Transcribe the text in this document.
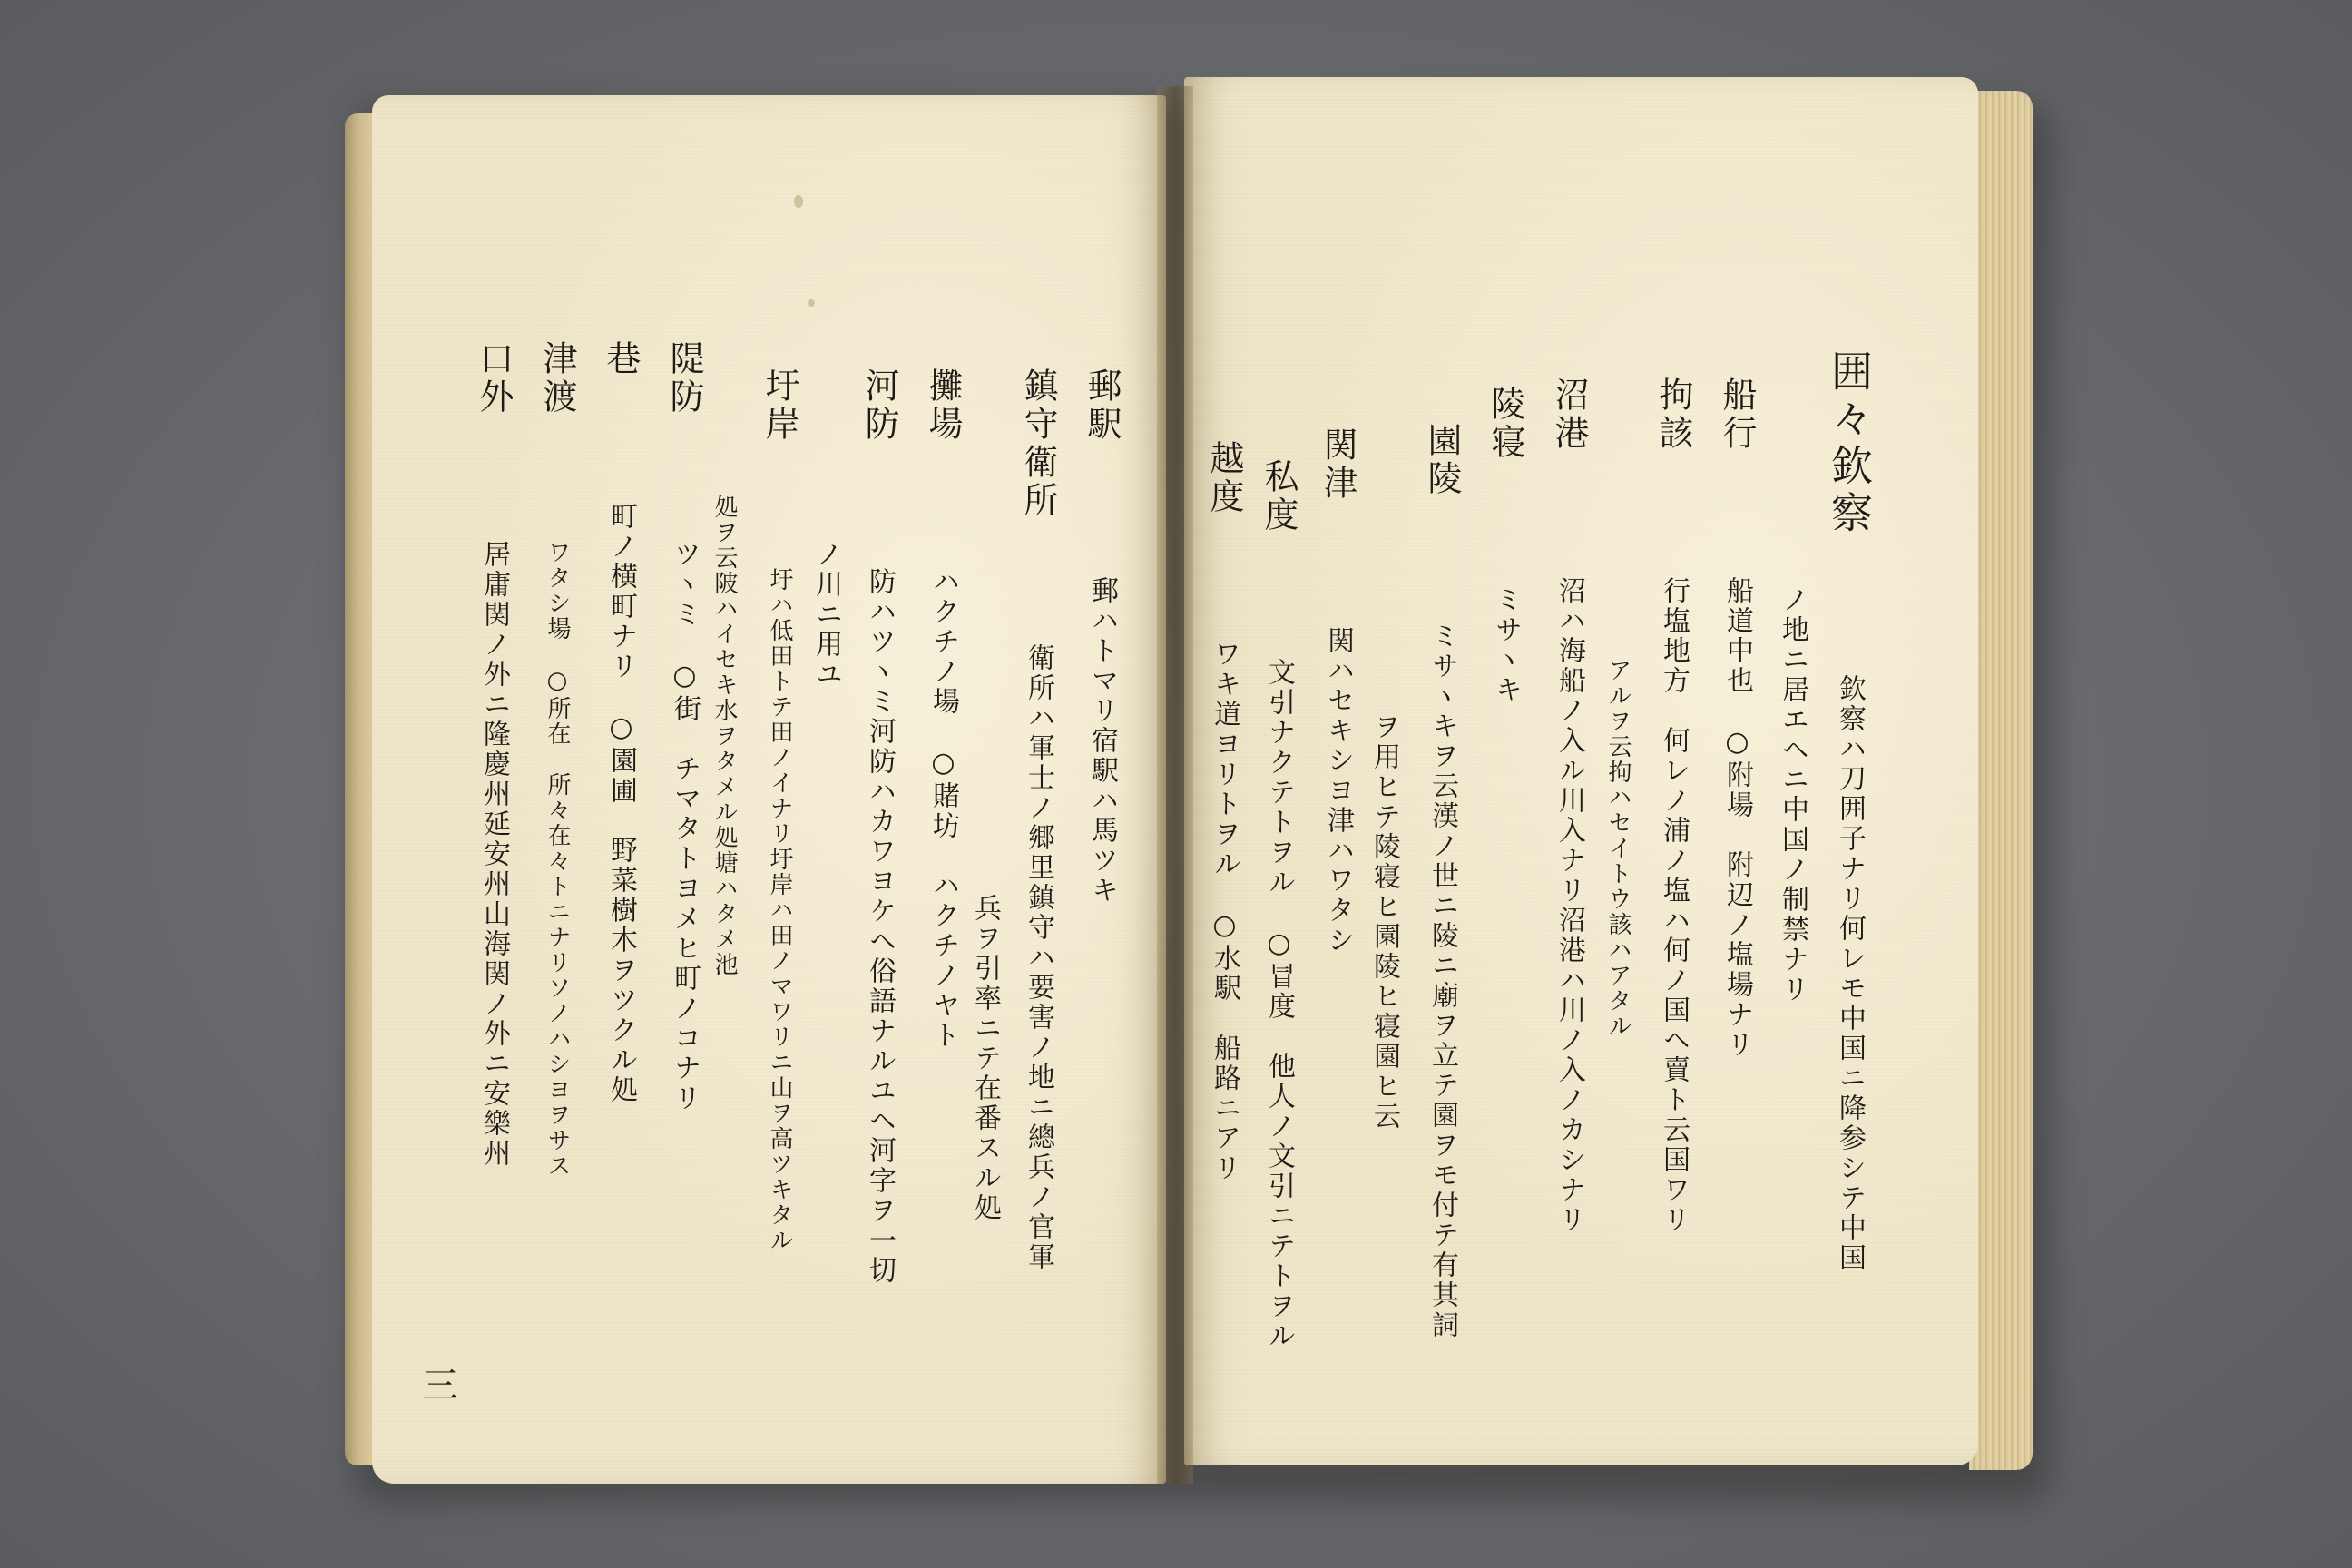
郵駅  郵ハトマリ宿駅ハ馬ツキ
鎮守衛所  衛所ハ軍士ノ郷里鎮守ハ要害ノ地ニ總兵ノ官軍
兵ヲ引率ニテ在番スル処
攤場  ハクチノ場　○賭坊　ハクチノヤト
河防  防ハツヽミ河防ハカワヨケヘ俗語ナルユヘ河字ヲ一切
ノ川ニ用ユ
圩岸  圩ハ低田トテ田ノイナリ圩岸ハ田ノマワリニ山ヲ高ツキタル
処ヲ云陂ハイセキ水ヲタメル処塘ハタメ池
隄防  ツヽミ　○街　チマタトヨメヒ町ノコナリ
巷  町ノ横町ナリ　○園圃　野菜樹木ヲツクル処
津渡  ワタシ場　○所在　所々在々トニナリソノハシヨヲサス
口外  居庸関ノ外ニ隆慶州延安州山海関ノ外ニ安樂州
三
囲々欽察  欽察ハ刀囲子ナリ何レモ中国ニ降参シテ中国
ノ地ニ居エヘニ中国ノ制禁ナリ
船行  船道中也　○附場　附辺ノ塩場ナリ
拘該  行塩地方　何レノ浦ノ塩ハ何ノ国ヘ賣ト云国ワリ
アルヲ云拘ハセイトウ該ハアタル
沼港  沼ハ海船ノ入ル川入ナリ沼港ハ川ノ入ノカシナリ
陵寝  ミサヽキ
園陵  ミサヽキヲ云漢ノ世ニ陵ニ廟ヲ立テ園ヲモ付テ有其詞
ヲ用ヒテ陵寝ヒ園陵ヒ寝園ヒ云
関津  関ハセキシヨ津ハワタシ
私度  文引ナクテトヲル　○冒度　他人ノ文引ニテトヲル
越度  ワキ道ヨリトヲル　○水駅　船路ニアリ
